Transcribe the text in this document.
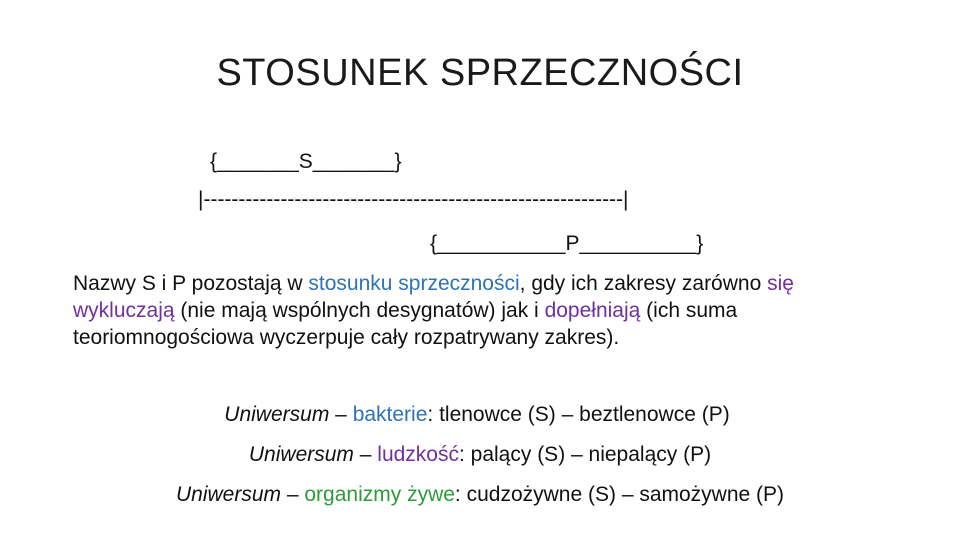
STOSUNEK SPRZECZNOŚCI
{_______S_______}
|------------------------------------------------------------|
{___________P__________}
Nazwy S i P pozostają w stosunku sprzeczności, gdy ich zakresy zarówno się wykluczają (nie mają wspólnych desygnatów) jak i dopełniają (ich suma teoriomnogościowa wyczerpuje cały rozpatrywany zakres).
Uniwersum – bakterie: tlenowce (S) – beztlenowce (P)
Uniwersum – ludzkość: palący (S) – niepalący (P)
Uniwersum – organizmy żywe: cudzożywne (S) – samożywne (P)
